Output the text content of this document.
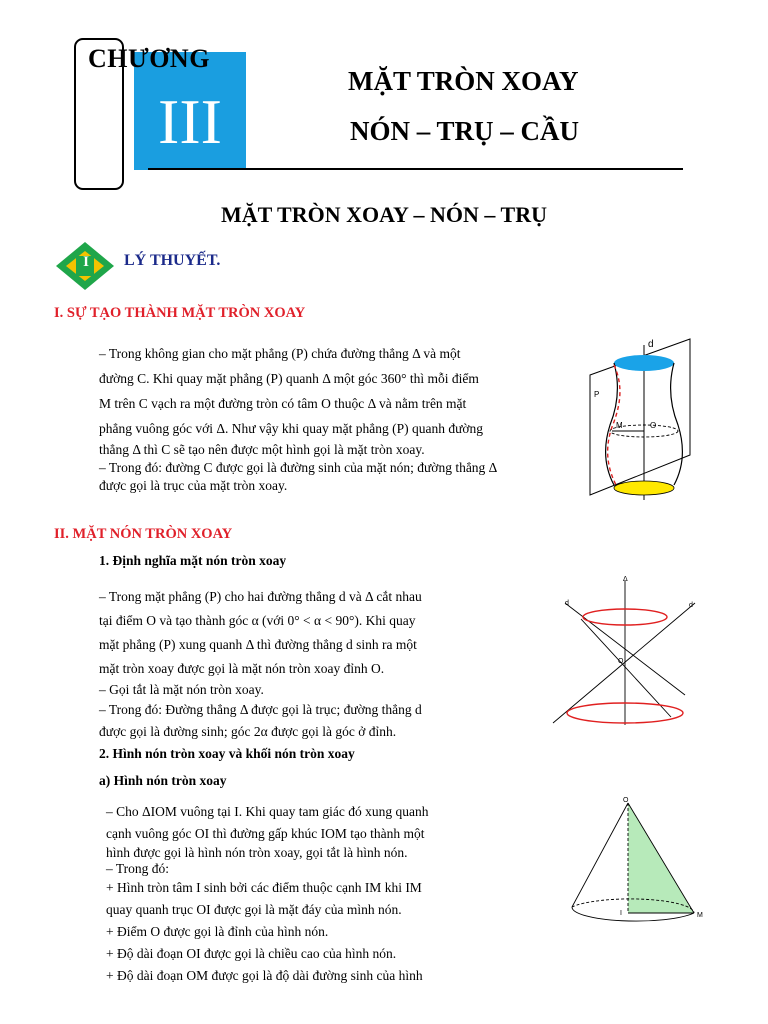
CHƯƠNG
III
MẶT TRÒN XOAY
NÓN – TRỤ – CẦU
MẶT TRÒN XOAY – NÓN – TRỤ
I	LÝ THUYẾT.
I. SỰ TẠO THÀNH MẶT TRÒN XOAY

– Trong không gian cho mặt phẳng (P) chứa đường thẳng Δ và một

đường C. Khi quay mặt phẳng (P) quanh Δ một góc 360° thì mỗi điểm

M trên C vạch ra một đường tròn có tâm O thuộc Δ và nằm trên mặt

phẳng vuông góc với Δ. Như vậy khi quay mặt phẳng (P) quanh đường

thẳng Δ thì C sẽ tạo nên được một hình gọi là mặt tròn xoay.

– Trong đó: đường C được gọi là đường sinh của mặt nón; đường thẳng Δ

được gọi là trục của mặt tròn xoay.

d
P
M	O
II. MẶT NÓN TRÒN XOAY
1. Định nghĩa mặt nón tròn xoay

– Trong mặt phẳng (P) cho hai đường thẳng d và Δ cắt nhau

tại điểm O và tạo thành góc α (với 0° < α < 90°). Khi quay

mặt phẳng (P) xung quanh Δ thì đường thẳng d sinh ra một

mặt tròn xoay được gọi là mặt nón tròn xoay đỉnh O.

– Gọi tắt là mặt nón tròn xoay.

– Trong đó: Đường thẳng Δ được gọi là trục; đường thẳng d

được gọi là đường sinh; góc 2α được gọi là góc ở đỉnh.

Δ
d	d
O
2. Hình nón tròn xoay và khối nón tròn xoay
a) Hình nón tròn xoay

– Cho ΔIOM vuông tại I. Khi quay tam giác đó xung quanh

cạnh vuông góc OI thì đường gấp khúc IOM tạo thành một

hình được gọi là hình nón tròn xoay, gọi tắt là hình nón.

– Trong đó:

+ Hình tròn tâm I sinh bởi các điểm thuộc cạnh IM khi IM

quay quanh trục OI được gọi là mặt đáy của mình nón.

+ Điểm O được gọi là đỉnh của hình nón.

+ Độ dài đoạn OI được gọi là chiều cao của hình nón.

+ Độ dài đoạn OM được gọi là độ dài đường sinh của hình

O
I	M
